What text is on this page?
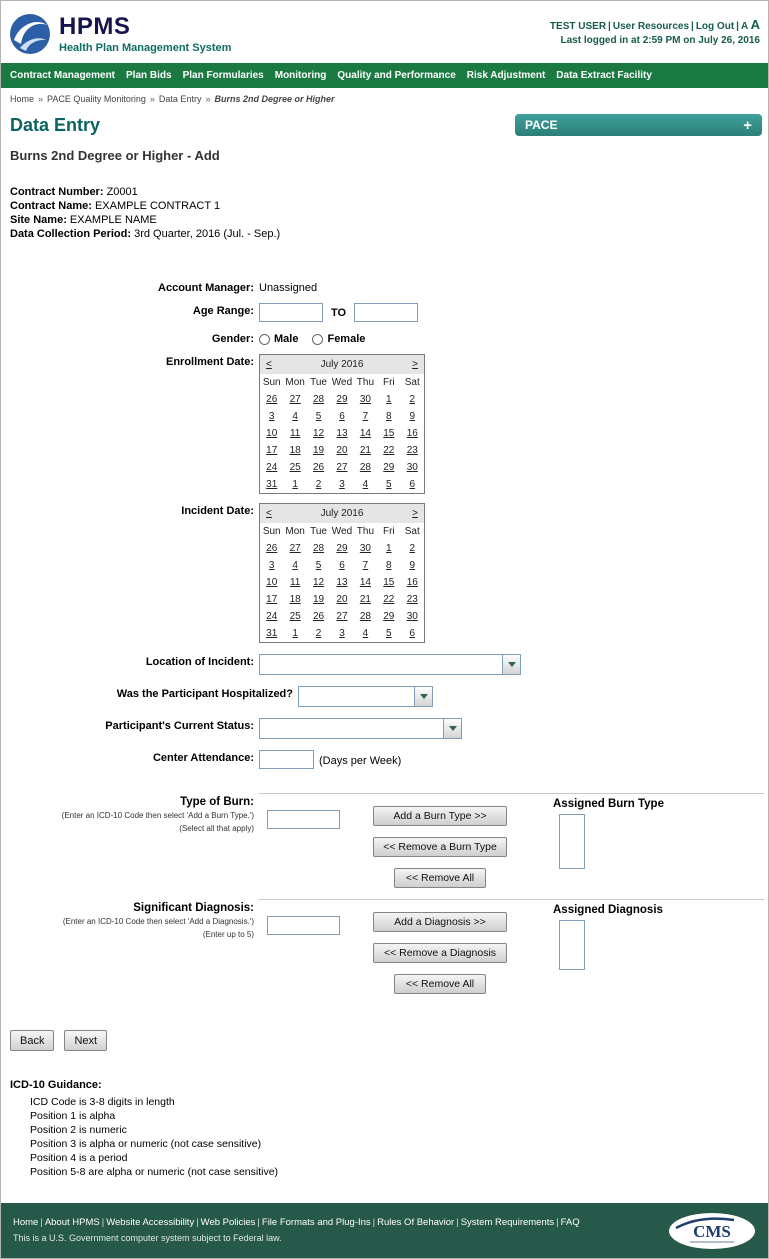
HPMS
Health Plan Management System
TEST USER | User Resources | Log Out | A A
Last logged in at 2:59 PM on July 26, 2016
Contract Management Plan Bids Plan Formularies Monitoring Quality and Performance Risk Adjustment Data Extract Facility
Home » PACE Quality Monitoring » Data Entry » Burns 2nd Degree or Higher
Data Entry	PACE	+
Burns 2nd Degree or Higher - Add
Contract Number: Z0001
Contract Name: EXAMPLE CONTRACT 1
Site Name: EXAMPLE NAME
Data Collection Period: 3rd Quarter, 2016 (Jul. - Sep.)
Account Manager: Unassigned
Age Range:	TO
Gender:	Male	Female
Enrollment Date:	<	July 2016	>
Sun	Mon	Tue	Wed	Thu	Fri	Sat
26	27	28	29	30	1	2
3	4	5	6	7	8	9
10	11	12	13	14	15	16
17	18	19	20	21	22	23
24	25	26	27	28	29	30
31	1	2	3	4	5	6
Incident Date:	<	July 2016	>
Sun	Mon	Tue	Wed	Thu	Fri	Sat
26	27	28	29	30	1	2
3	4	5	6	7	8	9
10	11	12	13	14	15	16
17	18	19	20	21	22	23
24	25	26	27	28	29	30
31	1	2	3	4	5	6
Location of Incident:
Was the Participant Hospitalized?
Participant's Current Status:
Center Attendance:	(Days per Week)
Type of Burn:
(Enter an ICD-10 Code then select 'Add a Burn Type.')
(Select all that apply)
Add a Burn Type >>
<< Remove a Burn Type
<< Remove All
Assigned Burn Type
Significant Diagnosis:
(Enter an ICD-10 Code then select 'Add a Diagnosis.')
(Enter up to 5)
Add a Diagnosis >>
<< Remove a Diagnosis
<< Remove All
Assigned Diagnosis
Back	Next
ICD-10 Guidance:
ICD Code is 3-8 digits in length
Position 1 is alpha
Position 2 is numeric
Position 3 is alpha or numeric (not case sensitive)
Position 4 is a period
Position 5-8 are alpha or numeric (not case sensitive)
Home | About HPMS | Website Accessibility | Web Policies | File Formats and Plug-Ins | Rules Of Behavior | System Requirements | FAQ
This is a U.S. Government computer system subject to Federal law.	CMS
